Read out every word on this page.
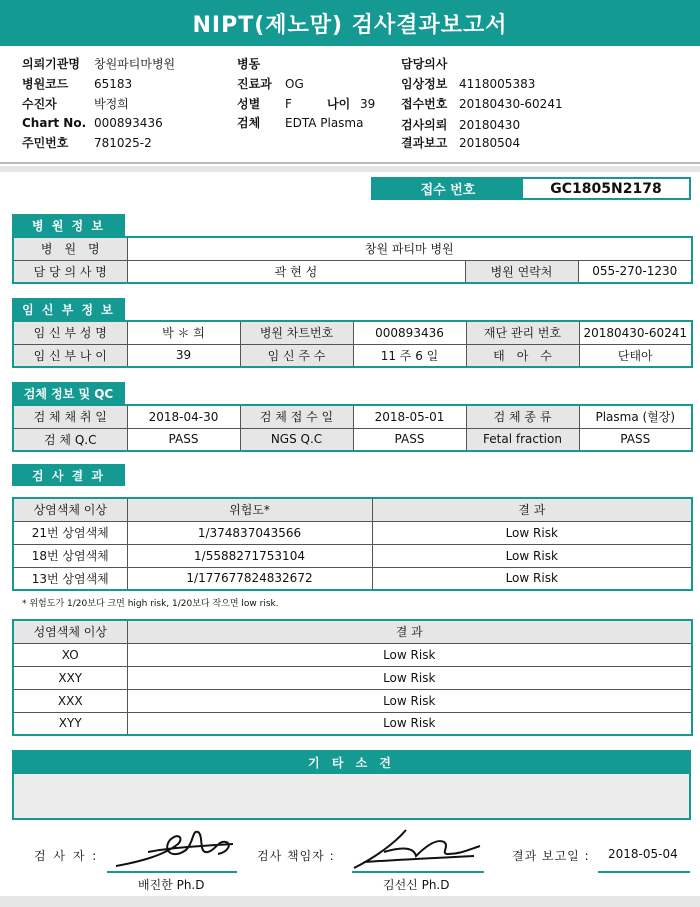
NIPT(제노맘) 검사결과보고서
의뢰기관명 창원파티마병원
병원코드 65183
수진자	박정희
Chart No. 000893436
주민번호 781025-2
병동
진료과 OG
성별 F	나이 39
검체 EDTA Plasma
담당의사
임상정보 4118005383
접수번호 20180430-60241
검사의뢰 20180430
결과보고 20180504
접수 번호	GC1805N2178
병 원 정 보
병　원　명	창원 파티마 병원		
담 당 의 사 명	곽 현 성	병원 연락처	055-270-1230
임 신 부 정 보
임 신 부 성 명	박 ＊ 희	병원 차트번호	000893436	재단 관리 번호	20180430-60241
임 신 부 나 이	39	임 신 주 수	11 주 6 일	태　아　수	단태아
검체 정보 및 QC
검 체 채 취 일	2018-04-30	검 체 접 수 일	2018-05-01	검 체 종 류	Plasma (혈장)
검 체 Q.C	PASS	NGS Q.C	PASS	Fetal fraction	PASS
검 사 결 과
상염색체 이상	위험도*	결 과
21번 상염색체	1/374837043566	Low Risk
18번 상염색체	1/5588271753104	Low Risk
13번 상염색체	1/177677824832672	Low Risk
* 위험도가 1/20보다 크면 high risk, 1/20보다 작으면 low risk.
성염색체 이상	결 과
XO	Low Risk
XXY	Low Risk
XXX	Low Risk
XYY	Low Risk
기 타 소 견
검 사 자 :
배진한 Ph.D
검사 책임자 :
김선신 Ph.D
결과 보고일 : 2018-05-04
